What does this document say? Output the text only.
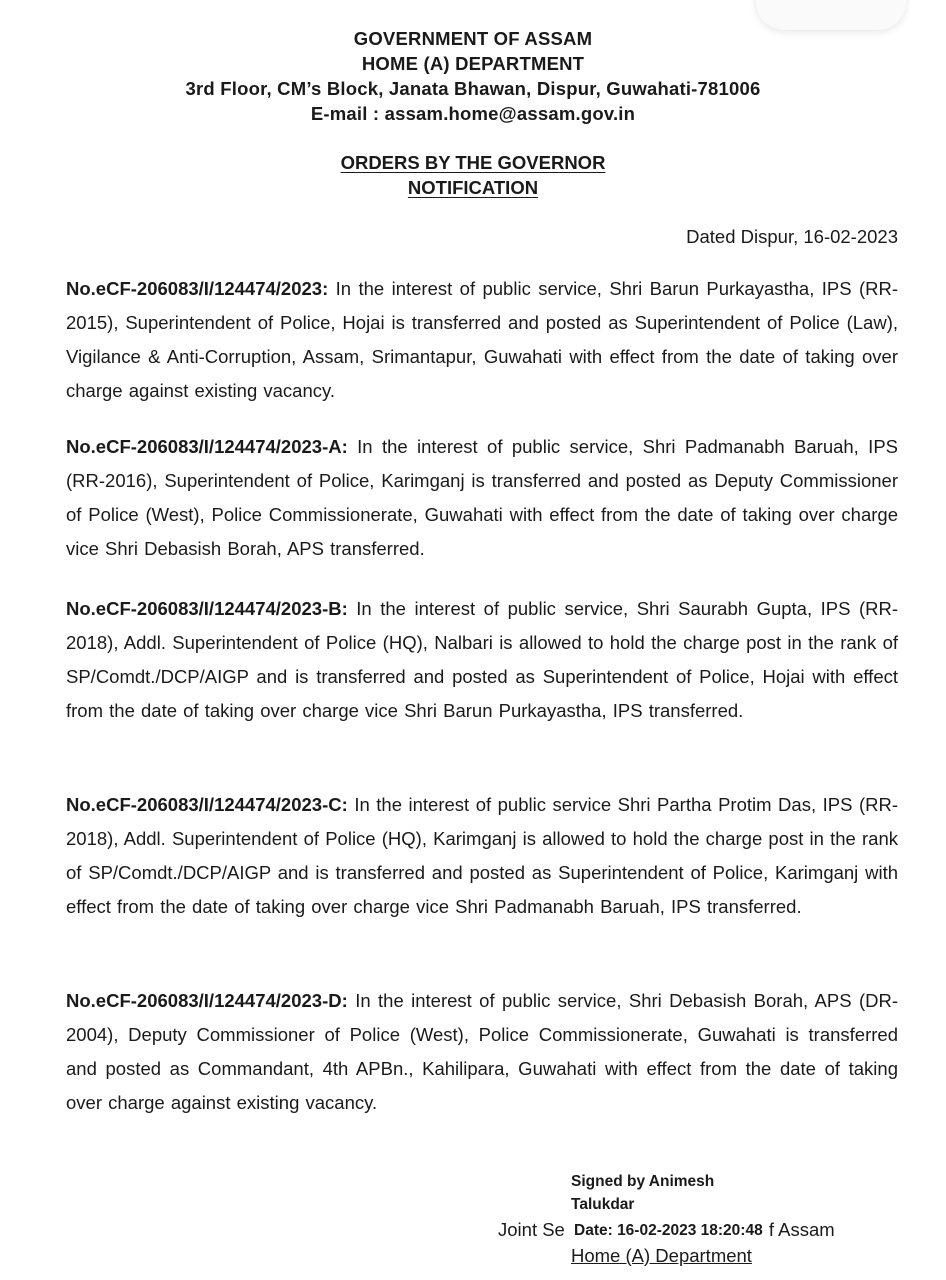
GOVERNMENT OF ASSAM
HOME (A) DEPARTMENT
3rd Floor, CM’s Block, Janata Bhawan, Dispur, Guwahati-781006
E-mail : assam.home@assam.gov.in
ORDERS BY THE GOVERNOR
NOTIFICATION
Dated Dispur, 16-02-2023
No.eCF-206083/I/124474/2023: In the interest of public service, Shri Barun Purkayastha, IPS (RR-2015), Superintendent of Police, Hojai is transferred and posted as Superintendent of Police (Law), Vigilance & Anti-Corruption, Assam, Srimantapur, Guwahati with effect from the date of taking over charge against existing vacancy.
No.eCF-206083/I/124474/2023-A: In the interest of public service, Shri Padmanabh Baruah, IPS (RR-2016), Superintendent of Police, Karimganj is transferred and posted as Deputy Commissioner of Police (West), Police Commissionerate, Guwahati with effect from the date of taking over charge vice Shri Debasish Borah, APS transferred.
No.eCF-206083/I/124474/2023-B: In the interest of public service, Shri Saurabh Gupta, IPS (RR-2018), Addl. Superintendent of Police (HQ), Nalbari is allowed to hold the charge post in the rank of SP/Comdt./DCP/AIGP and is transferred and posted as Superintendent of Police, Hojai with effect from the date of taking over charge vice Shri Barun Purkayastha, IPS transferred.
No.eCF-206083/I/124474/2023-C: In the interest of public service Shri Partha Protim Das, IPS (RR-2018), Addl. Superintendent of Police (HQ), Karimganj is allowed to hold the charge post in the rank of SP/Comdt./DCP/AIGP and is transferred and posted as Superintendent of Police, Karimganj with effect from the date of taking over charge vice Shri Padmanabh Baruah, IPS transferred.
No.eCF-206083/I/124474/2023-D: In the interest of public service, Shri Debasish Borah, APS (DR-2004), Deputy Commissioner of Police (West), Police Commissionerate, Guwahati is transferred and posted as Commandant, 4th APBn., Kahilipara, Guwahati with effect from the date of taking over charge against existing vacancy.
Signed by Animesh
Talukdar
Joint Se	f Assam
Date: 16-02-2023 18:20:48
Home (A) Department
